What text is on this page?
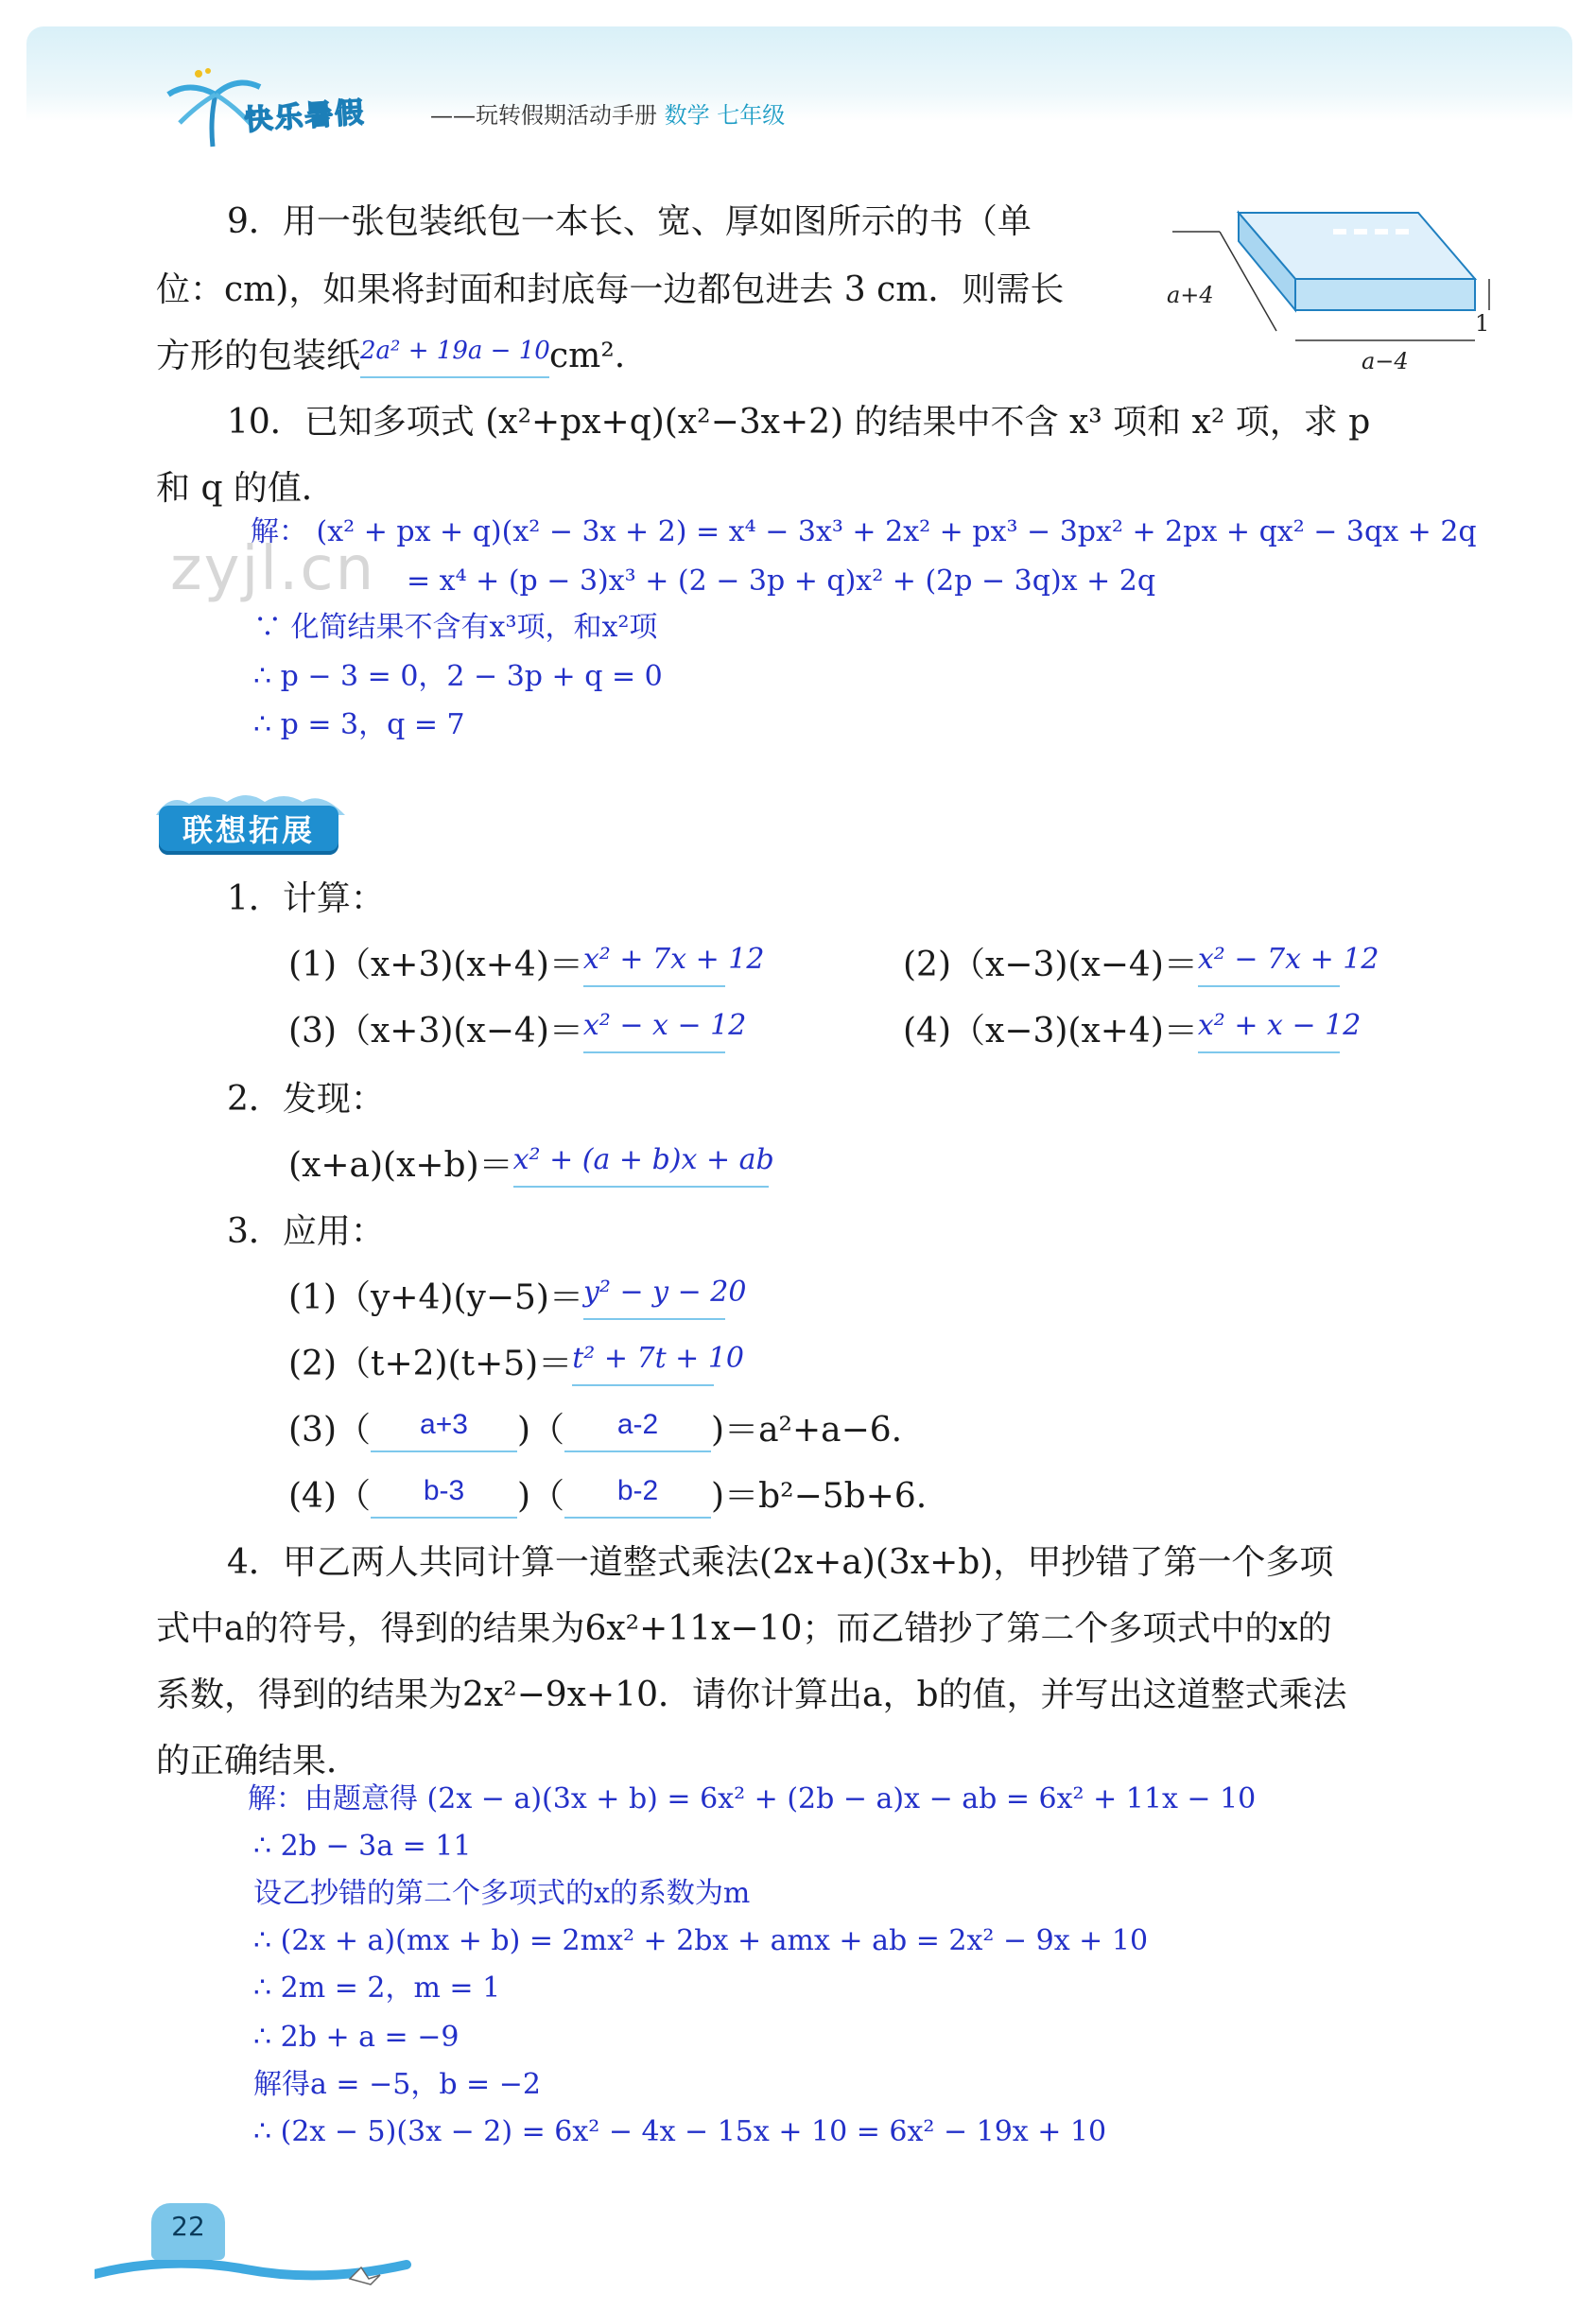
快乐暑假	——玩转假期活动手册 数学 七年级
9．用一张包装纸包一本长、宽、厚如图所示的书（单
位：cm)，如果将封面和封底每一边都包进去 3 cm．则需长
方形的包装纸 2a² + 19a − 10 cm².
a+4
a−4
1
10．已知多项式 (x²+px+q)(x²−3x+2) 的结果中不含 x³ 项和 x² 项，求 p
和 q 的值．
解： (x² + px + q)(x² − 3x + 2) = x⁴ − 3x³ + 2x² + px³ − 3px² + 2px + qx² − 3qx + 2q
= x⁴ + (p − 3)x³ + (2 − 3p + q)x² + (2p − 3q)x + 2q
∵ 化简结果不含有x³项，和x²项
∴ p − 3 = 0，2 − 3p + q = 0
∴ p = 3，q = 7
zyjl.cn
联想拓展
1．计算：
(1)（x+3)(x+4)＝ x² + 7x + 12	(2)（x−3)(x−4)＝ x² − 7x + 12
(3)（x+3)(x−4)＝ x² − x − 12	(4)（x−3)(x+4)＝ x² + x − 12
2．发现：
(x+a)(x+b)＝ x² + (a + b)x + ab
3．应用：
(1)（y+4)(y−5)＝ y² − y − 20
(2)（t+2)(t+5)＝ t² + 7t + 10
(3)（	a+3	)（	a-2	)＝a²+a−6.
(4)（	b-3	)（	b-2	)＝b²−5b+6.
4．甲乙两人共同计算一道整式乘法(2x+a)(3x+b)，甲抄错了第一个多项
式中a的符号，得到的结果为6x²+11x−10；而乙错抄了第二个多项式中的x的
系数，得到的结果为2x²−9x+10．请你计算出a，b的值，并写出这道整式乘法
的正确结果．
解：由题意得 (2x − a)(3x + b) = 6x² + (2b − a)x − ab = 6x² + 11x − 10
∴ 2b − 3a = 11
设乙抄错的第二个多项式的x的系数为m
∴ (2x + a)(mx + b) = 2mx² + 2bx + amx + ab = 2x² − 9x + 10
∴ 2m = 2，m = 1
∴ 2b + a = −9
解得a = −5，b = −2
∴ (2x − 5)(3x − 2) = 6x² − 4x − 15x + 10 = 6x² − 19x + 10
22
